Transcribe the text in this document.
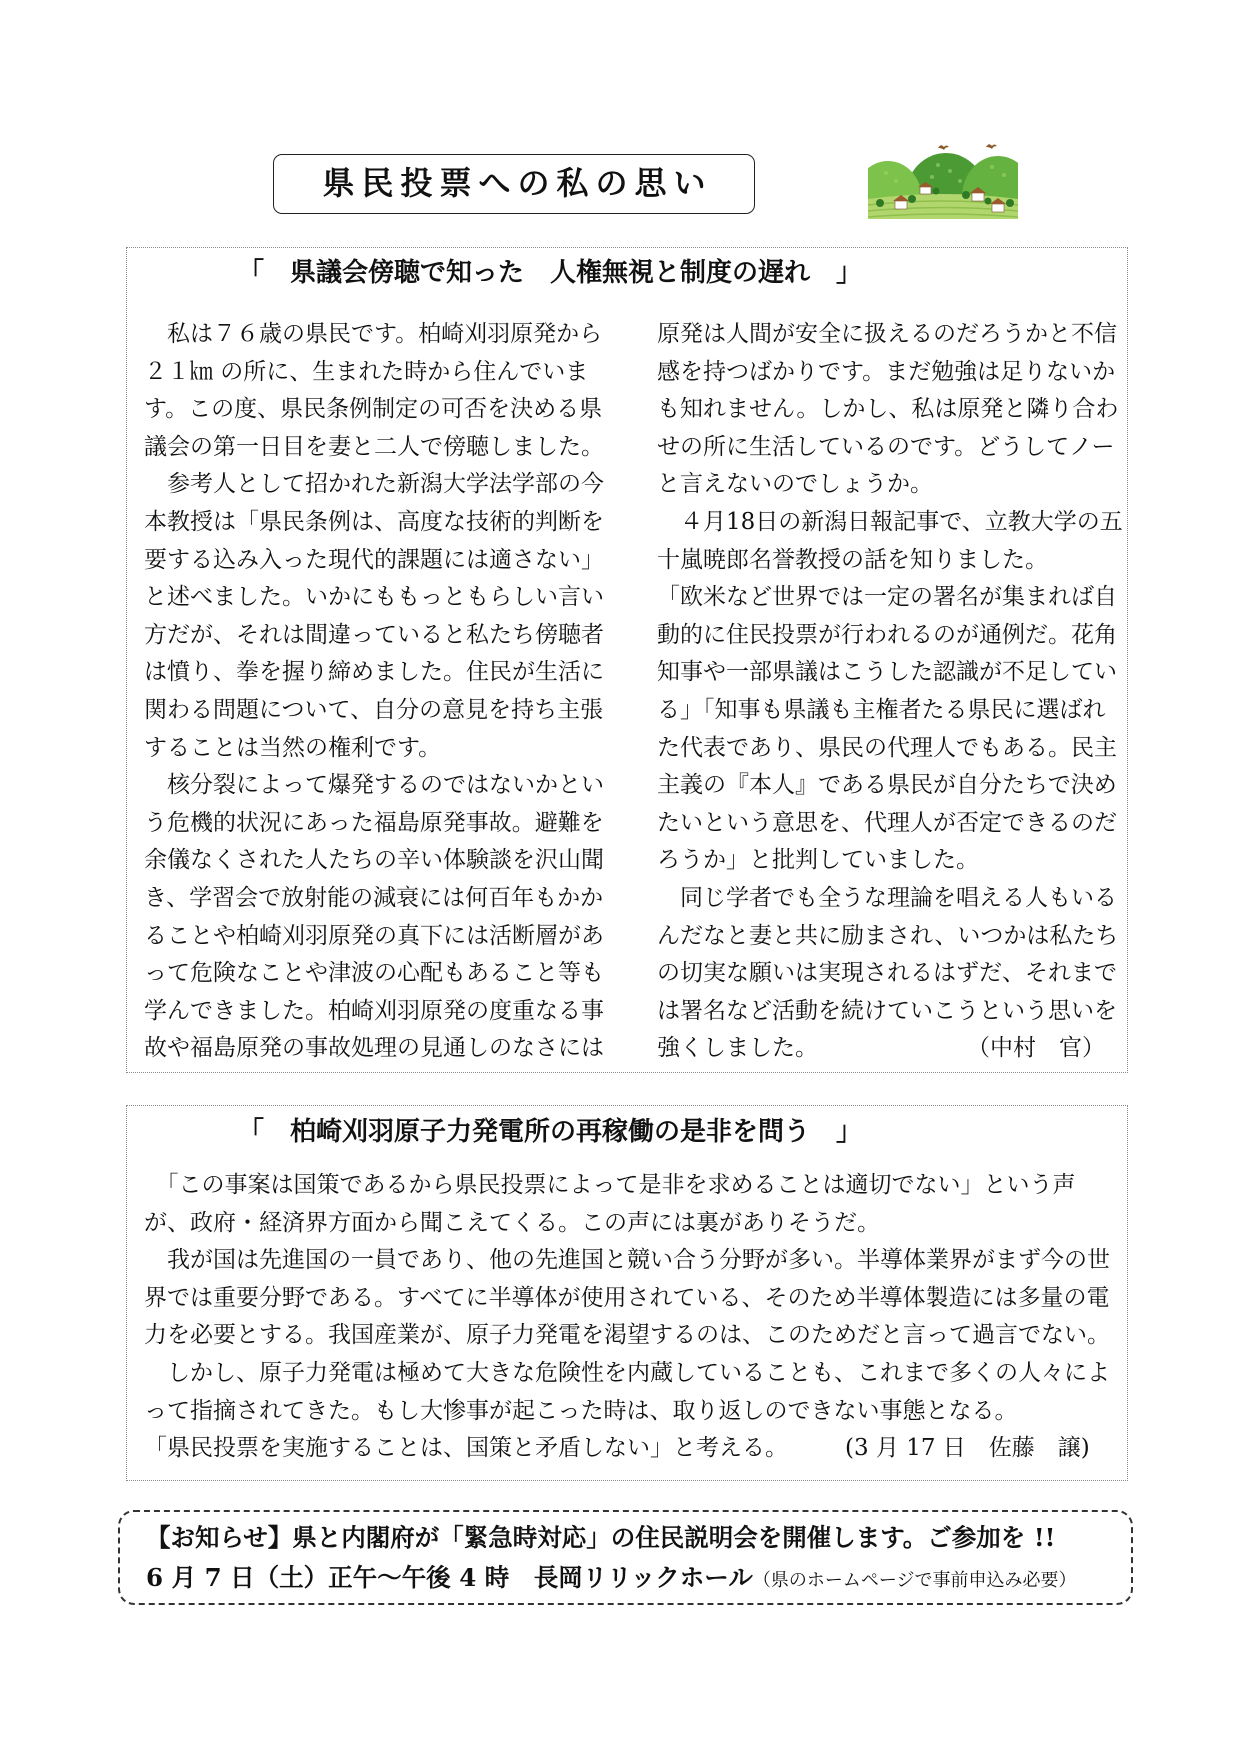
県民投票への私の思い
「　県議会傍聴で知った　人権無視と制度の遅れ　」
　私は７６歳の県民です。柏崎刈羽原発から
２１㎞ の所に、生まれた時から住んでいま
す。この度、県民条例制定の可否を決める県
議会の第一日目を妻と二人で傍聴しました。
　参考人として招かれた新潟大学法学部の今
本教授は「県民条例は、高度な技術的判断を
要する込み入った現代的課題には適さない」
と述べました。いかにももっともらしい言い
方だが、それは間違っていると私たち傍聴者
は憤り、拳を握り締めました。住民が生活に
関わる問題について、自分の意見を持ち主張
することは当然の権利です。
　核分裂によって爆発するのではないかとい
う危機的状況にあった福島原発事故。避難を
余儀なくされた人たちの辛い体験談を沢山聞
き、学習会で放射能の減衰には何百年もかか
ることや柏崎刈羽原発の真下には活断層があ
って危険なことや津波の心配もあること等も
学んできました。柏崎刈羽原発の度重なる事
故や福島原発の事故処理の見通しのなさには
原発は人間が安全に扱えるのだろうかと不信
感を持つばかりです。まだ勉強は足りないか
も知れません。しかし、私は原発と隣り合わ
せの所に生活しているのです。どうしてノー
と言えないのでしょうか。
　４月18日の新潟日報記事で、立教大学の五
十嵐暁郎名誉教授の話を知りました。
「欧米など世界では一定の署名が集まれば自
動的に住民投票が行われるのが通例だ。花角
知事や一部県議はこうした認識が不足してい
る」「知事も県議も主権者たる県民に選ばれ
た代表であり、県民の代理人でもある。民主
主義の『本人』である県民が自分たちで決め
たいという意思を、代理人が否定できるのだ
ろうか」と批判していました。
　同じ学者でも全うな理論を唱える人もいる
んだなと妻と共に励まされ、いつかは私たち
の切実な願いは実現されるはずだ、それまで
は署名など活動を続けていこうという思いを
強くしました。	（中村　官）
「　柏崎刈羽原子力発電所の再稼働の是非を問う　」
　「この事案は国策であるから県民投票によって是非を求めることは適切でない」という声
が、政府・経済界方面から聞こえてくる。この声には裏がありそうだ。
　我が国は先進国の一員であり、他の先進国と競い合う分野が多い。半導体業界がまず今の世
界では重要分野である。すべてに半導体が使用されている、そのため半導体製造には多量の電
力を必要とする。我国産業が、原子力発電を渇望するのは、このためだと言って過言でない。
　しかし、原子力発電は極めて大きな危険性を内蔵していることも、これまで多くの人々によ
って指摘されてきた。もし大惨事が起こった時は、取り返しのできない事態となる。
「県民投票を実施することは、国策と矛盾しない」と考える。 (3 月 17 日　佐藤　譲)
【お知らせ】県と内閣府が「緊急時対応」の住民説明会を開催します。ご参加を !!
6 月 7 日（土）正午～午後 4 時　長岡リリックホール（県のホームページで事前申込み必要）
